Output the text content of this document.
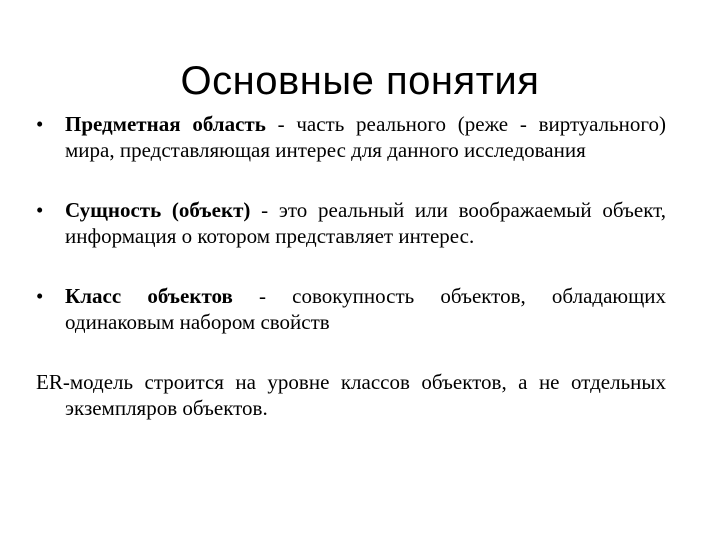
Основные понятия
•	Предметная область - часть реального (реже - виртуального) мира, представляющая интерес для данного исследования
•	Сущность (объект) - это реальный или воображаемый объект, информация о котором представляет интерес.
•	Класс объектов - совокупность объектов, обладающих одинаковым набором свойств
ER-модель строится на уровне классов объектов, а не отдельных экземпляров объектов.
